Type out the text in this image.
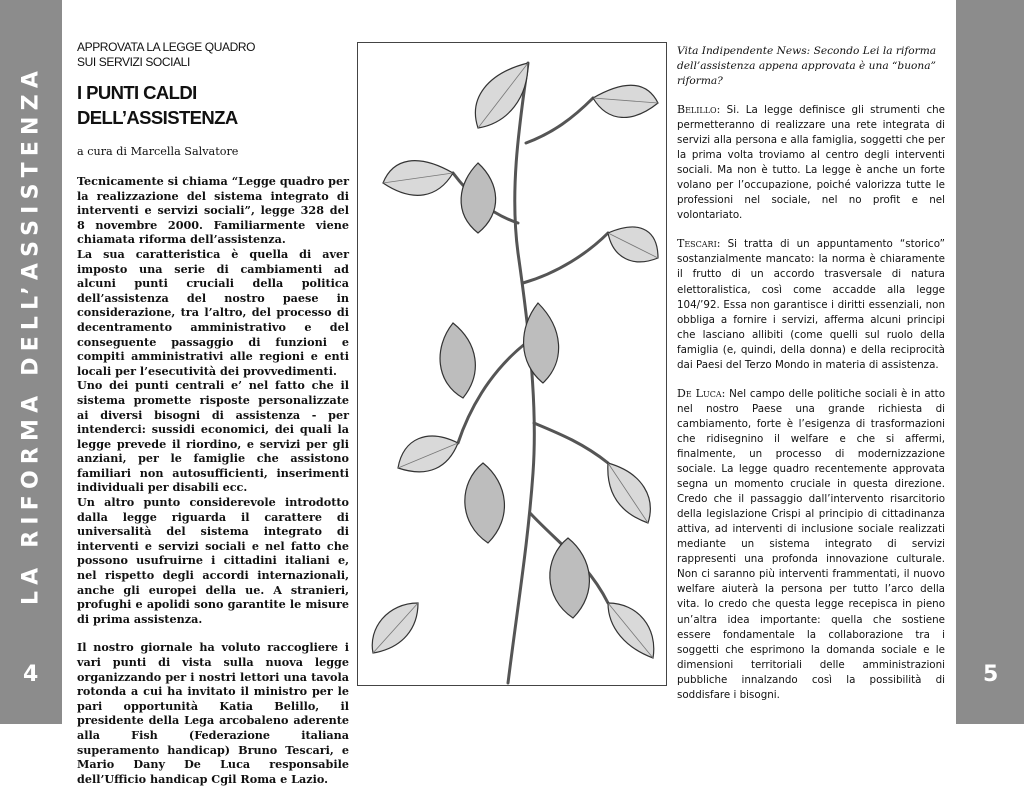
LA RIFORMA DELL’ASSISTENZA
4	5
APPROVATA LA LEGGE QUADRO
SUI SERVIZI SOCIALI
I PUNTI CALDI
DELL’ASSISTENZA
a cura di Marcella Salvatore

Tecnicamente si chiama “Legge quadro per la realizzazione del sistema integrato di interventi e servizi sociali”, legge 328 del 8 novembre 2000. Familiarmente viene chiamata riforma dell’assistenza.

La sua caratteristica è quella di aver imposto una serie di cambiamenti ad alcuni punti cruciali della politica dell’assistenza del nostro paese in considerazione, tra l’altro, del processo di decentramento amministrativo e del conseguente passaggio di funzioni e compiti amministrativi alle regioni e enti locali per l’esecutività dei provvedimenti.

Uno dei punti centrali e’ nel fatto che il sistema promette risposte personalizzate ai diversi bisogni di assistenza - per intenderci: sussidi economici, dei quali la legge prevede il riordino, e servizi per gli anziani, per le famiglie che assistono familiari non autosufficienti, inserimenti individuali per disabili ecc.

Un altro punto considerevole introdotto dalla legge riguarda il carattere di universalità del sistema integrato di interventi e servizi sociali e nel fatto che possono usufruirne i cittadini italiani e, nel rispetto degli accordi internazionali, anche gli europei della ue. A stranieri, profughi e apolidi sono garantite le misure di prima assistenza.

Il nostro giornale ha voluto raccogliere i vari punti di vista sulla nuova legge organizzando per i nostri lettori una tavola rotonda a cui ha invitato il ministro per le pari opportunità Katia Belillo, il presidente della Lega arcobaleno aderente alla Fish (Federazione italiana superamento handicap) Bruno Tescari, e Mario Dany De Luca responsabile dell’Ufficio handicap Cgil Roma e Lazio.

Vita Indipendente News: Secondo Lei la riforma dell’assistenza appena approvata è una “buona” riforma?
Belillo: Si. La legge definisce gli strumenti che permetteranno di realizzare una rete integrata di servizi alla persona e alla famiglia, soggetti che per la prima volta troviamo al centro degli interventi sociali. Ma non è tutto. La legge è anche un forte volano per l’occupazione, poiché valorizza tutte le professioni nel sociale, nel no profit e nel volontariato.
Tescari: Si tratta di un appuntamento “storico” sostanzialmente mancato: la norma è chiaramente il frutto di un accordo trasversale di natura elettoralistica, così come accadde alla legge 104/’92. Essa non garantisce i diritti essenziali, non obbliga a fornire i servizi, afferma alcuni principi che lasciano allibiti (come quelli sul ruolo della famiglia (e, quindi, della donna) e della reciprocità dai Paesi del Terzo Mondo in materia di assistenza.
De Luca: Nel campo delle politiche sociali è in atto nel nostro Paese una grande richiesta di cambiamento, forte è l’esigenza di trasformazioni che ridisegnino il welfare e che si affermi, finalmente, un processo di modernizzazione sociale. La legge quadro recentemente approvata segna un momento cruciale in questa direzione. Credo che il passaggio dall’intervento risarcitorio della legislazione Crispi al principio di cittadinanza attiva, ad interventi di inclusione sociale realizzati mediante un sistema integrato di servizi rappresenti una profonda innovazione culturale. Non ci saranno più interventi frammentati, il nuovo welfare aiuterà la persona per tutto l’arco della vita. Io credo che questa legge recepisca in pieno un’altra idea importante: quella che sostiene essere fondamentale la collaborazione tra i soggetti che esprimono la domanda sociale e le dimensioni territoriali delle amministrazioni pubbliche innalzando così la possibilità di soddisfare i bisogni.
